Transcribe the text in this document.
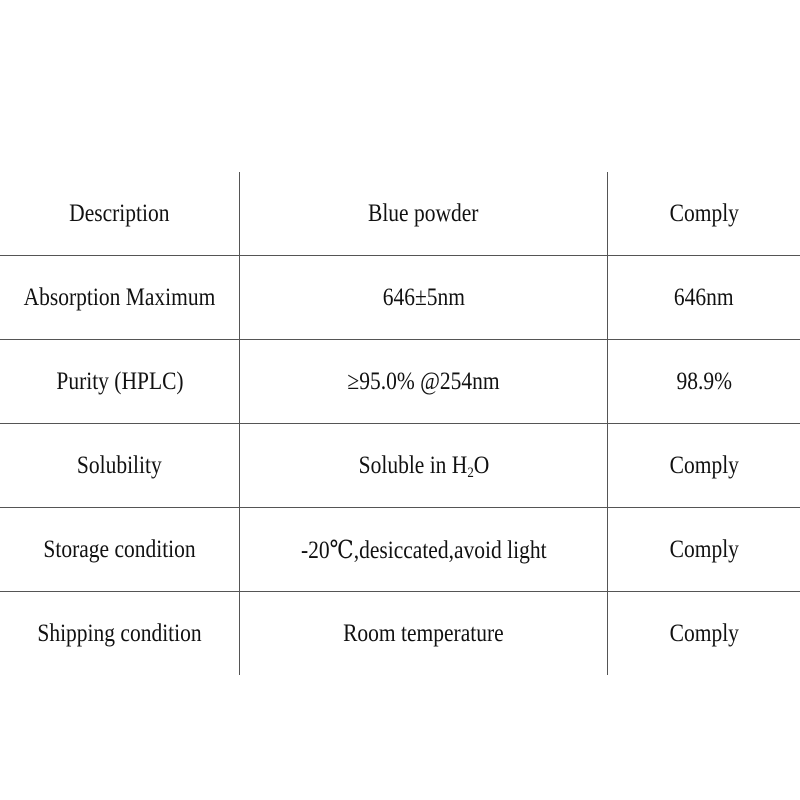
Description	Blue powder	Comply
Absorption Maximum	646±5nm	646nm
Purity (HPLC)	≥95.0% @254nm	98.9%
Solubility	Soluble in $H_2O$	Comply
Storage condition	-20℃,desiccated,avoid light	Comply
Shipping condition	Room temperature	Comply
